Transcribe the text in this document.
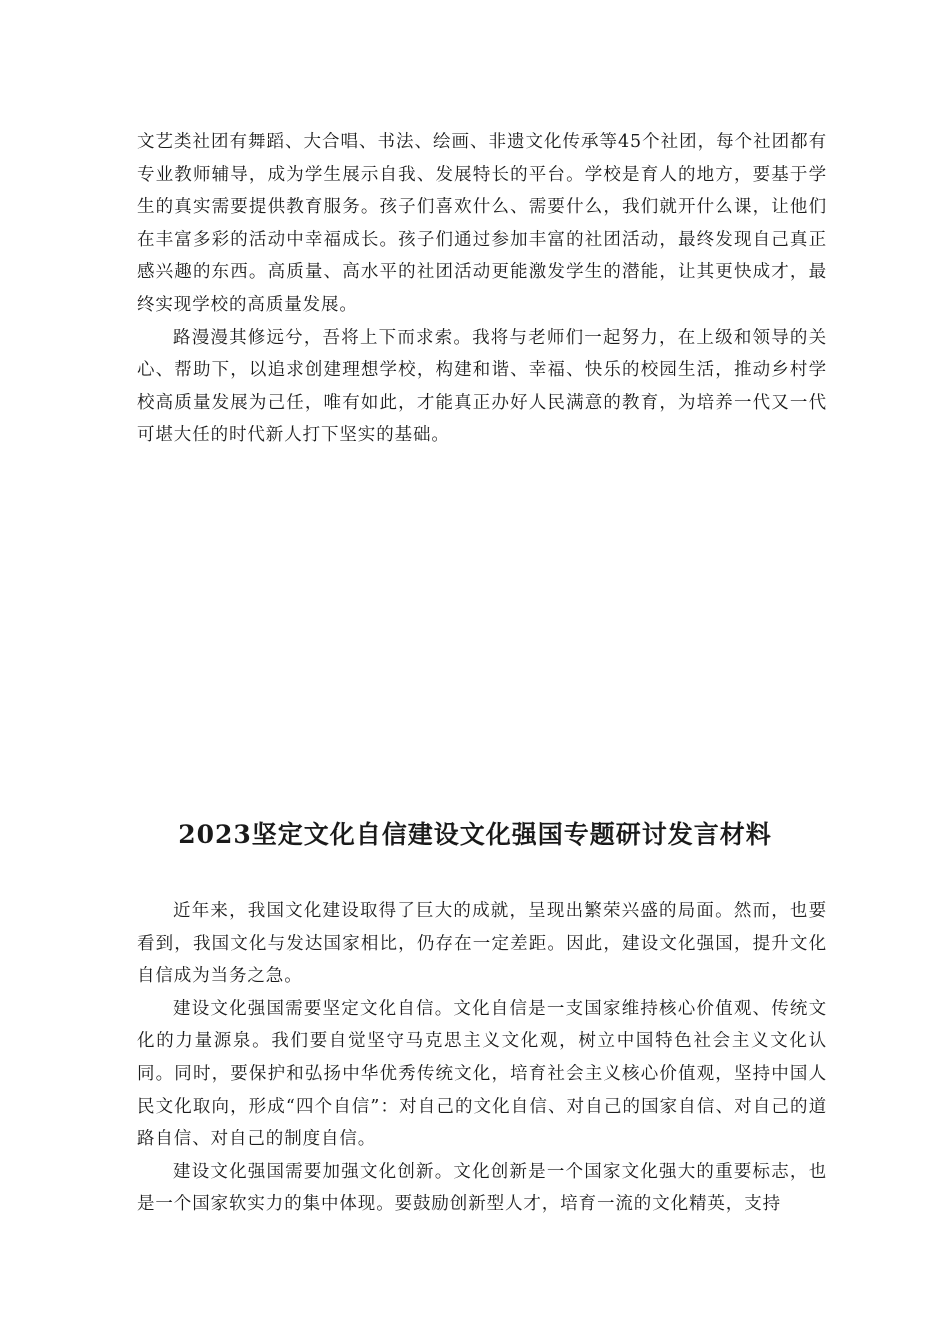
文艺类社团有舞蹈、大合唱、书法、绘画、非遗文化传承等45个社团，每个社团都有专业教师辅导，成为学生展示自我、发展特长的平台。学校是育人的地方，要基于学生的真实需要提供教育服务。孩子们喜欢什么、需要什么，我们就开什么课，让他们在丰富多彩的活动中幸福成长。孩子们通过参加丰富的社团活动，最终发现自己真正感兴趣的东西。高质量、高水平的社团活动更能激发学生的潜能，让其更快成才，最终实现学校的高质量发展。

路漫漫其修远兮，吾将上下而求索。我将与老师们一起努力，在上级和领导的关心、帮助下，以追求创建理想学校，构建和谐、幸福、快乐的校园生活，推动乡村学校高质量发展为己任，唯有如此，才能真正办好人民满意的教育，为培养一代又一代可堪大任的时代新人打下坚实的基础。

2023坚定文化自信建设文化强国专题研讨发言材料

近年来，我国文化建设取得了巨大的成就，呈现出繁荣兴盛的局面。然而，也要看到，我国文化与发达国家相比，仍存在一定差距。因此，建设文化强国，提升文化自信成为当务之急。

建设文化强国需要坚定文化自信。文化自信是一支国家维持核心价值观、传统文化的力量源泉。我们要自觉坚守马克思主义文化观，树立中国特色社会主义文化认同。同时，要保护和弘扬中华优秀传统文化，培育社会主义核心价值观，坚持中国人民文化取向，形成“四个自信”：对自己的文化自信、对自己的国家自信、对自己的道路自信、对自己的制度自信。

建设文化强国需要加强文化创新。文化创新是一个国家文化强大的重要标志，也是一个国家软实力的集中体现。要鼓励创新型人才，培育一流的文化精英，支持
